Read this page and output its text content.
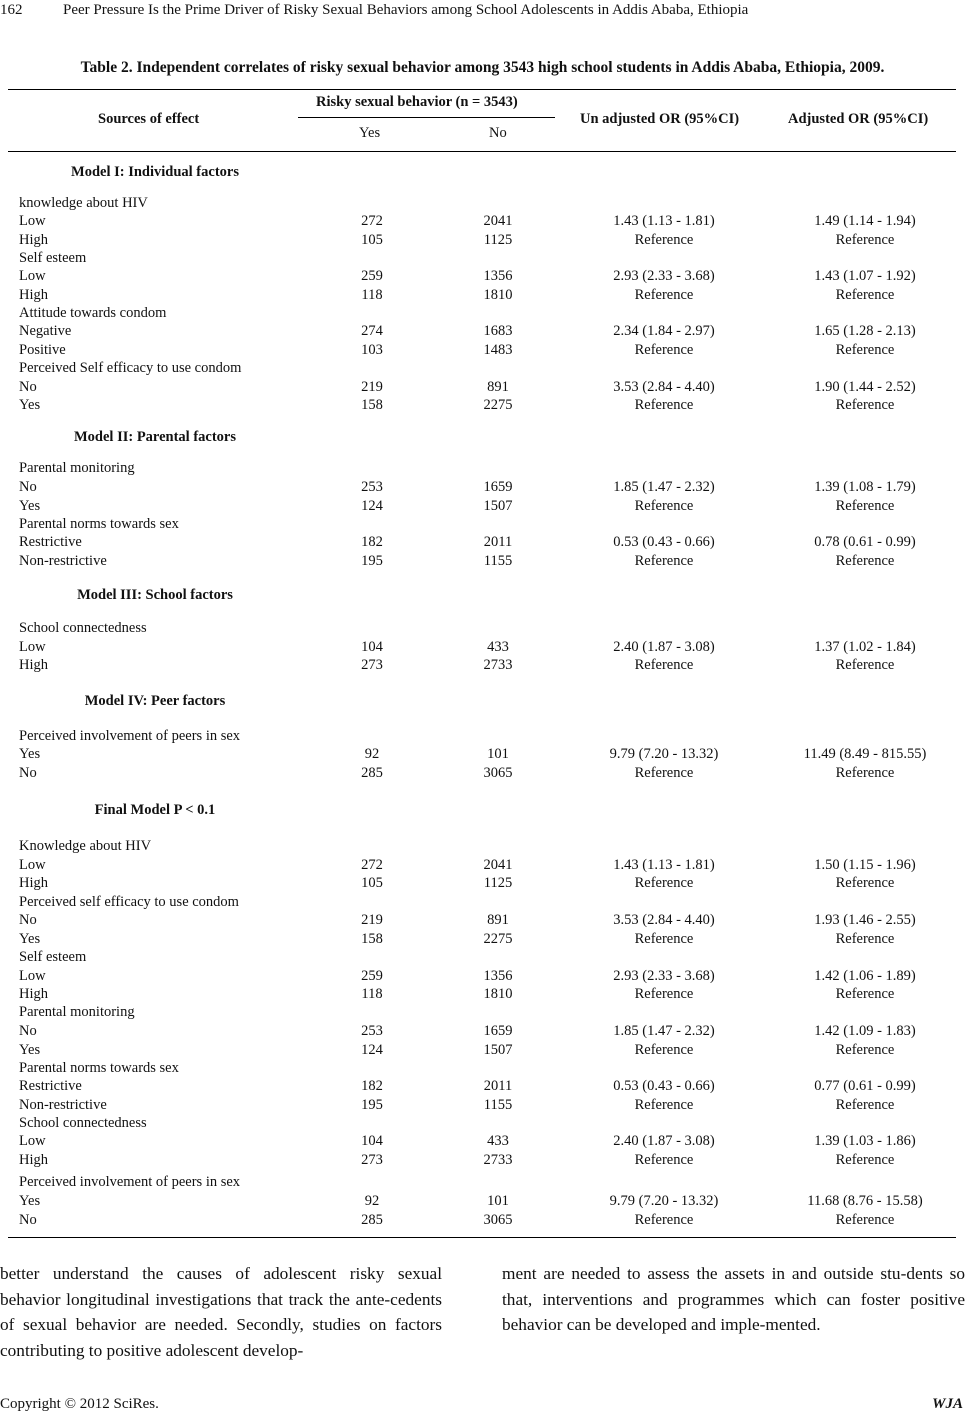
162	Peer Pressure Is the Prime Driver of Risky Sexual Behaviors among School Adolescents in Addis Ababa, Ethiopia
Table 2. Independent correlates of risky sexual behavior among 3543 high school students in Addis Ababa, Ethiopia, 2009.
Sources of effect
Risky sexual behavior (n = 3543)
Yes	No
Un adjusted OR (95%CI)	Adjusted OR (95%CI)
Model I: Individual factors
knowledge about HIV
Low	272	2041	1.43 (1.13 - 1.81)	1.49 (1.14 - 1.94)
High	105	1125	Reference	Reference
Self esteem
Low	259	1356	2.93 (2.33 - 3.68)	1.43 (1.07 - 1.92)
High	118	1810	Reference	Reference
Attitude towards condom
Negative	274	1683	2.34 (1.84 - 2.97)	1.65 (1.28 - 2.13)
Positive	103	1483	Reference	Reference
Perceived Self efficacy to use condom
No	219	891	3.53 (2.84 - 4.40)	1.90 (1.44 - 2.52)
Yes	158	2275	Reference	Reference
Model II: Parental factors
Parental monitoring
No	253	1659	1.85 (1.47 - 2.32)	1.39 (1.08 - 1.79)
Yes	124	1507	Reference	Reference
Parental norms towards sex
Restrictive	182	2011	0.53 (0.43 - 0.66)	0.78 (0.61 - 0.99)
Non-restrictive	195	1155	Reference	Reference
Model III: School factors
School connectedness
Low	104	433	2.40 (1.87 - 3.08)	1.37 (1.02 - 1.84)
High	273	2733	Reference	Reference
Model IV: Peer factors
Perceived involvement of peers in sex
Yes	92	101	9.79 (7.20 - 13.32)	11.49 (8.49 - 815.55)
No	285	3065	Reference	Reference
Final Model P < 0.1
Knowledge about HIV
Low	272	2041	1.43 (1.13 - 1.81)	1.50 (1.15 - 1.96)
High	105	1125	Reference	Reference
Perceived self efficacy to use condom
No	219	891	3.53 (2.84 - 4.40)	1.93 (1.46 - 2.55)
Yes	158	2275	Reference	Reference
Self esteem
Low	259	1356	2.93 (2.33 - 3.68)	1.42 (1.06 - 1.89)
High	118	1810	Reference	Reference
Parental monitoring
No	253	1659	1.85 (1.47 - 2.32)	1.42 (1.09 - 1.83)
Yes	124	1507	Reference	Reference
Parental norms towards sex
Restrictive	182	2011	0.53 (0.43 - 0.66)	0.77 (0.61 - 0.99)
Non-restrictive	195	1155	Reference	Reference
School connectedness
Low	104	433	2.40 (1.87 - 3.08)	1.39 (1.03 - 1.86)
High	273	2733	Reference	Reference
Perceived involvement of peers in sex
Yes	92	101	9.79 (7.20 - 13.32)	11.68 (8.76 - 15.58)
No	285	3065	Reference	Reference
better understand the causes of adolescent risky sexual behavior longitudinal investigations that track the ante-cedents of sexual behavior are needed. Secondly, studies on factors contributing to positive adolescent develop-
ment are needed to assess the assets in and outside stu-dents so that, interventions and programmes which can foster positive behavior can be developed and imple-mented.
Copyright © 2012 SciRes.	WJA
